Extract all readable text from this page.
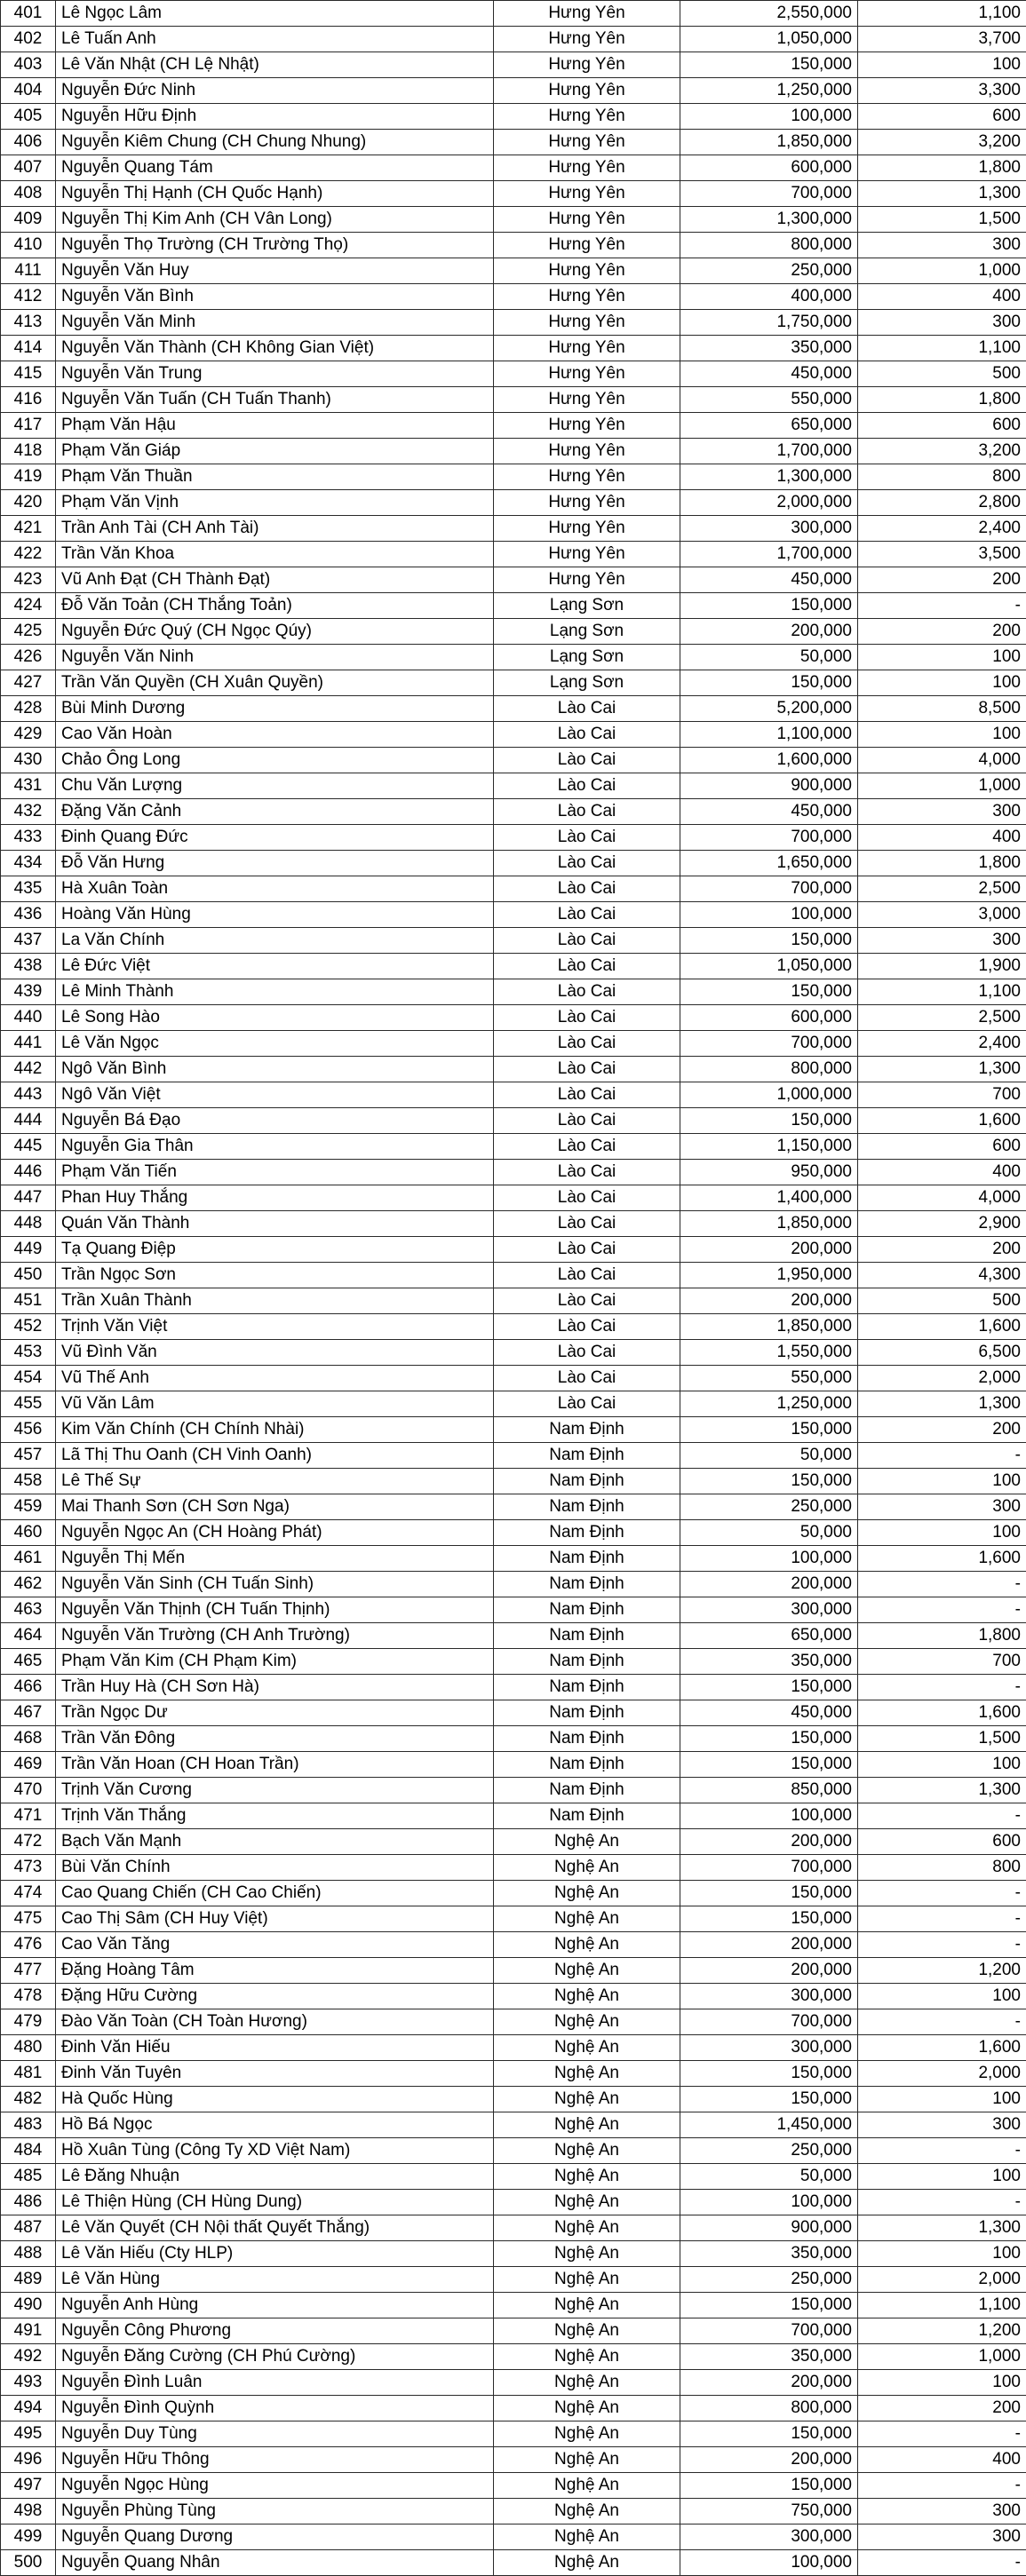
401	Lê Ngọc Lâm	Hưng Yên	2,550,000	1,100
402	Lê Tuấn Anh	Hưng Yên	1,050,000	3,700
403	Lê Văn Nhật (CH Lệ Nhật)	Hưng Yên	150,000	100
404	Nguyễn Đức Ninh	Hưng Yên	1,250,000	3,300
405	Nguyễn Hữu Định	Hưng Yên	100,000	600
406	Nguyễn Kiêm Chung (CH Chung Nhung)	Hưng Yên	1,850,000	3,200
407	Nguyễn Quang Tám	Hưng Yên	600,000	1,800
408	Nguyễn Thị Hạnh (CH Quốc Hạnh)	Hưng Yên	700,000	1,300
409	Nguyễn Thị Kim Anh (CH Vân Long)	Hưng Yên	1,300,000	1,500
410	Nguyễn Thọ Trường (CH Trường Thọ)	Hưng Yên	800,000	300
411	Nguyễn Văn Huy	Hưng Yên	250,000	1,000
412	Nguyễn Văn Bình	Hưng Yên	400,000	400
413	Nguyễn Văn Minh	Hưng Yên	1,750,000	300
414	Nguyễn Văn Thành (CH Không Gian Việt)	Hưng Yên	350,000	1,100
415	Nguyễn Văn Trung	Hưng Yên	450,000	500
416	Nguyễn Văn Tuấn (CH Tuấn Thanh)	Hưng Yên	550,000	1,800
417	Phạm Văn Hậu	Hưng Yên	650,000	600
418	Phạm Văn Giáp	Hưng Yên	1,700,000	3,200
419	Phạm Văn Thuần	Hưng Yên	1,300,000	800
420	Phạm Văn Vịnh	Hưng Yên	2,000,000	2,800
421	Trần Anh Tài (CH Anh Tài)	Hưng Yên	300,000	2,400
422	Trần Văn Khoa	Hưng Yên	1,700,000	3,500
423	Vũ Anh Đạt (CH Thành Đạt)	Hưng Yên	450,000	200
424	Đỗ Văn Toản (CH Thắng Toản)	Lạng Sơn	150,000	-
425	Nguyễn Đức Quý (CH Ngọc Qúy)	Lạng Sơn	200,000	200
426	Nguyễn Văn Ninh	Lạng Sơn	50,000	100
427	Trần Văn Quyền (CH Xuân Quyền)	Lạng Sơn	150,000	100
428	Bùi Minh Dương	Lào Cai	5,200,000	8,500
429	Cao Văn Hoàn	Lào Cai	1,100,000	100
430	Chảo Ông Long	Lào Cai	1,600,000	4,000
431	Chu Văn Lượng	Lào Cai	900,000	1,000
432	Đặng Văn Cảnh	Lào Cai	450,000	300
433	Đinh Quang Đức	Lào Cai	700,000	400
434	Đỗ Văn Hưng	Lào Cai	1,650,000	1,800
435	Hà Xuân Toàn	Lào Cai	700,000	2,500
436	Hoàng Văn Hùng	Lào Cai	100,000	3,000
437	La Văn Chính	Lào Cai	150,000	300
438	Lê Đức Việt	Lào Cai	1,050,000	1,900
439	Lê Minh Thành	Lào Cai	150,000	1,100
440	Lê Song Hào	Lào Cai	600,000	2,500
441	Lê Văn Ngọc	Lào Cai	700,000	2,400
442	Ngô Văn Bình	Lào Cai	800,000	1,300
443	Ngô Văn Việt	Lào Cai	1,000,000	700
444	Nguyễn Bá Đạo	Lào Cai	150,000	1,600
445	Nguyễn Gia Thân	Lào Cai	1,150,000	600
446	Phạm Văn Tiến	Lào Cai	950,000	400
447	Phan Huy Thắng	Lào Cai	1,400,000	4,000
448	Quán Văn Thành	Lào Cai	1,850,000	2,900
449	Tạ Quang Điệp	Lào Cai	200,000	200
450	Trần Ngọc Sơn	Lào Cai	1,950,000	4,300
451	Trần Xuân Thành	Lào Cai	200,000	500
452	Trịnh Văn Việt	Lào Cai	1,850,000	1,600
453	Vũ Đình Văn	Lào Cai	1,550,000	6,500
454	Vũ Thế Anh	Lào Cai	550,000	2,000
455	Vũ Văn Lâm	Lào Cai	1,250,000	1,300
456	Kim Văn Chính (CH Chính Nhài)	Nam Định	150,000	200
457	Lã Thị Thu Oanh (CH Vinh Oanh)	Nam Định	50,000	-
458	Lê Thế Sự	Nam Định	150,000	100
459	Mai Thanh Sơn (CH Sơn Nga)	Nam Định	250,000	300
460	Nguyễn Ngọc An (CH Hoàng Phát)	Nam Định	50,000	100
461	Nguyễn Thị Mến	Nam Định	100,000	1,600
462	Nguyễn Văn Sinh (CH Tuấn Sinh)	Nam Định	200,000	-
463	Nguyễn Văn Thịnh (CH Tuấn Thịnh)	Nam Định	300,000	-
464	Nguyễn Văn Trường (CH Anh Trường)	Nam Định	650,000	1,800
465	Phạm Văn Kim (CH Phạm Kim)	Nam Định	350,000	700
466	Trần Huy Hà (CH Sơn Hà)	Nam Định	150,000	-
467	Trần Ngọc Dư	Nam Định	450,000	1,600
468	Trần Văn Đông	Nam Định	150,000	1,500
469	Trần Văn Hoan (CH Hoan Trần)	Nam Định	150,000	100
470	Trịnh Văn Cương	Nam Định	850,000	1,300
471	Trịnh Văn Thắng	Nam Định	100,000	-
472	Bạch Văn Mạnh	Nghệ An	200,000	600
473	Bùi Văn Chính	Nghệ An	700,000	800
474	Cao Quang Chiến (CH Cao Chiến)	Nghệ An	150,000	-
475	Cao Thị Sâm (CH Huy Việt)	Nghệ An	150,000	-
476	Cao Văn Tăng	Nghệ An	200,000	-
477	Đặng Hoàng Tâm	Nghệ An	200,000	1,200
478	Đặng Hữu Cường	Nghệ An	300,000	100
479	Đào Văn Toàn (CH Toàn Hương)	Nghệ An	700,000	-
480	Đinh Văn Hiếu	Nghệ An	300,000	1,600
481	Đinh Văn Tuyên	Nghệ An	150,000	2,000
482	Hà Quốc Hùng	Nghệ An	150,000	100
483	Hồ Bá Ngọc	Nghệ An	1,450,000	300
484	Hồ Xuân Tùng (Công Ty XD Việt Nam)	Nghệ An	250,000	-
485	Lê Đăng Nhuận	Nghệ An	50,000	100
486	Lê Thiện Hùng (CH Hùng Dung)	Nghệ An	100,000	-
487	Lê Văn Quyết (CH Nội thất Quyết Thắng)	Nghệ An	900,000	1,300
488	Lê Văn Hiếu (Cty HLP)	Nghệ An	350,000	100
489	Lê Văn Hùng	Nghệ An	250,000	2,000
490	Nguyễn Anh Hùng	Nghệ An	150,000	1,100
491	Nguyễn Công Phương	Nghệ An	700,000	1,200
492	Nguyễn Đăng Cường (CH Phú Cường)	Nghệ An	350,000	1,000
493	Nguyễn Đình Luân	Nghệ An	200,000	100
494	Nguyễn Đình Quỳnh	Nghệ An	800,000	200
495	Nguyễn Duy Tùng	Nghệ An	150,000	-
496	Nguyễn Hữu Thông	Nghệ An	200,000	400
497	Nguyễn Ngọc Hùng	Nghệ An	150,000	-
498	Nguyễn Phùng Tùng	Nghệ An	750,000	300
499	Nguyễn Quang Dương	Nghệ An	300,000	300
500	Nguyễn Quang Nhân	Nghệ An	100,000	-
